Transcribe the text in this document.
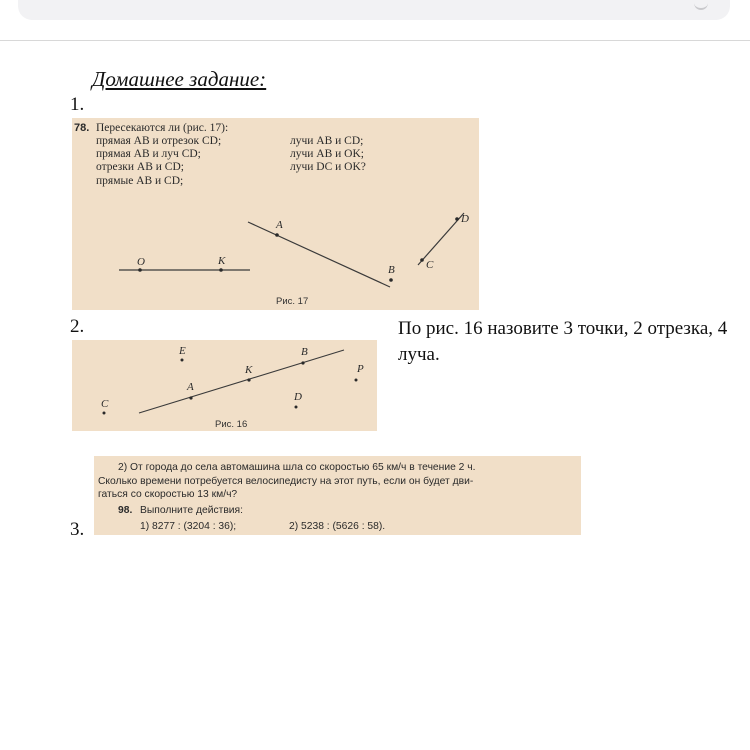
Домашнее задание:
1.
2.
3.
78. Пересекаются ли (рис. 17):
прямая AB и отрезок CD;
прямая AB и луч CD;
отрезки AB и CD;
прямые AB и CD;
лучи AB и CD;
лучи AB и OK;
лучи DC и OK?
O	K
A
B	C
D
Рис. 17
E	B
K
A
P
C
D
Рис. 16
По рис. 16 назовите 3 точки, 2 отрезка, 4 луча.
2) От города до села автомашина шла со скоростью 65 км/ч в течение 2 ч.
Сколько времени потребуется велосипедисту на этот путь, если он будет дви-
гаться со скоростью 13 км/ч?
98. Выполните действия:
1) 8277 : (3204 : 36);	2) 5238 : (5626 : 58).
